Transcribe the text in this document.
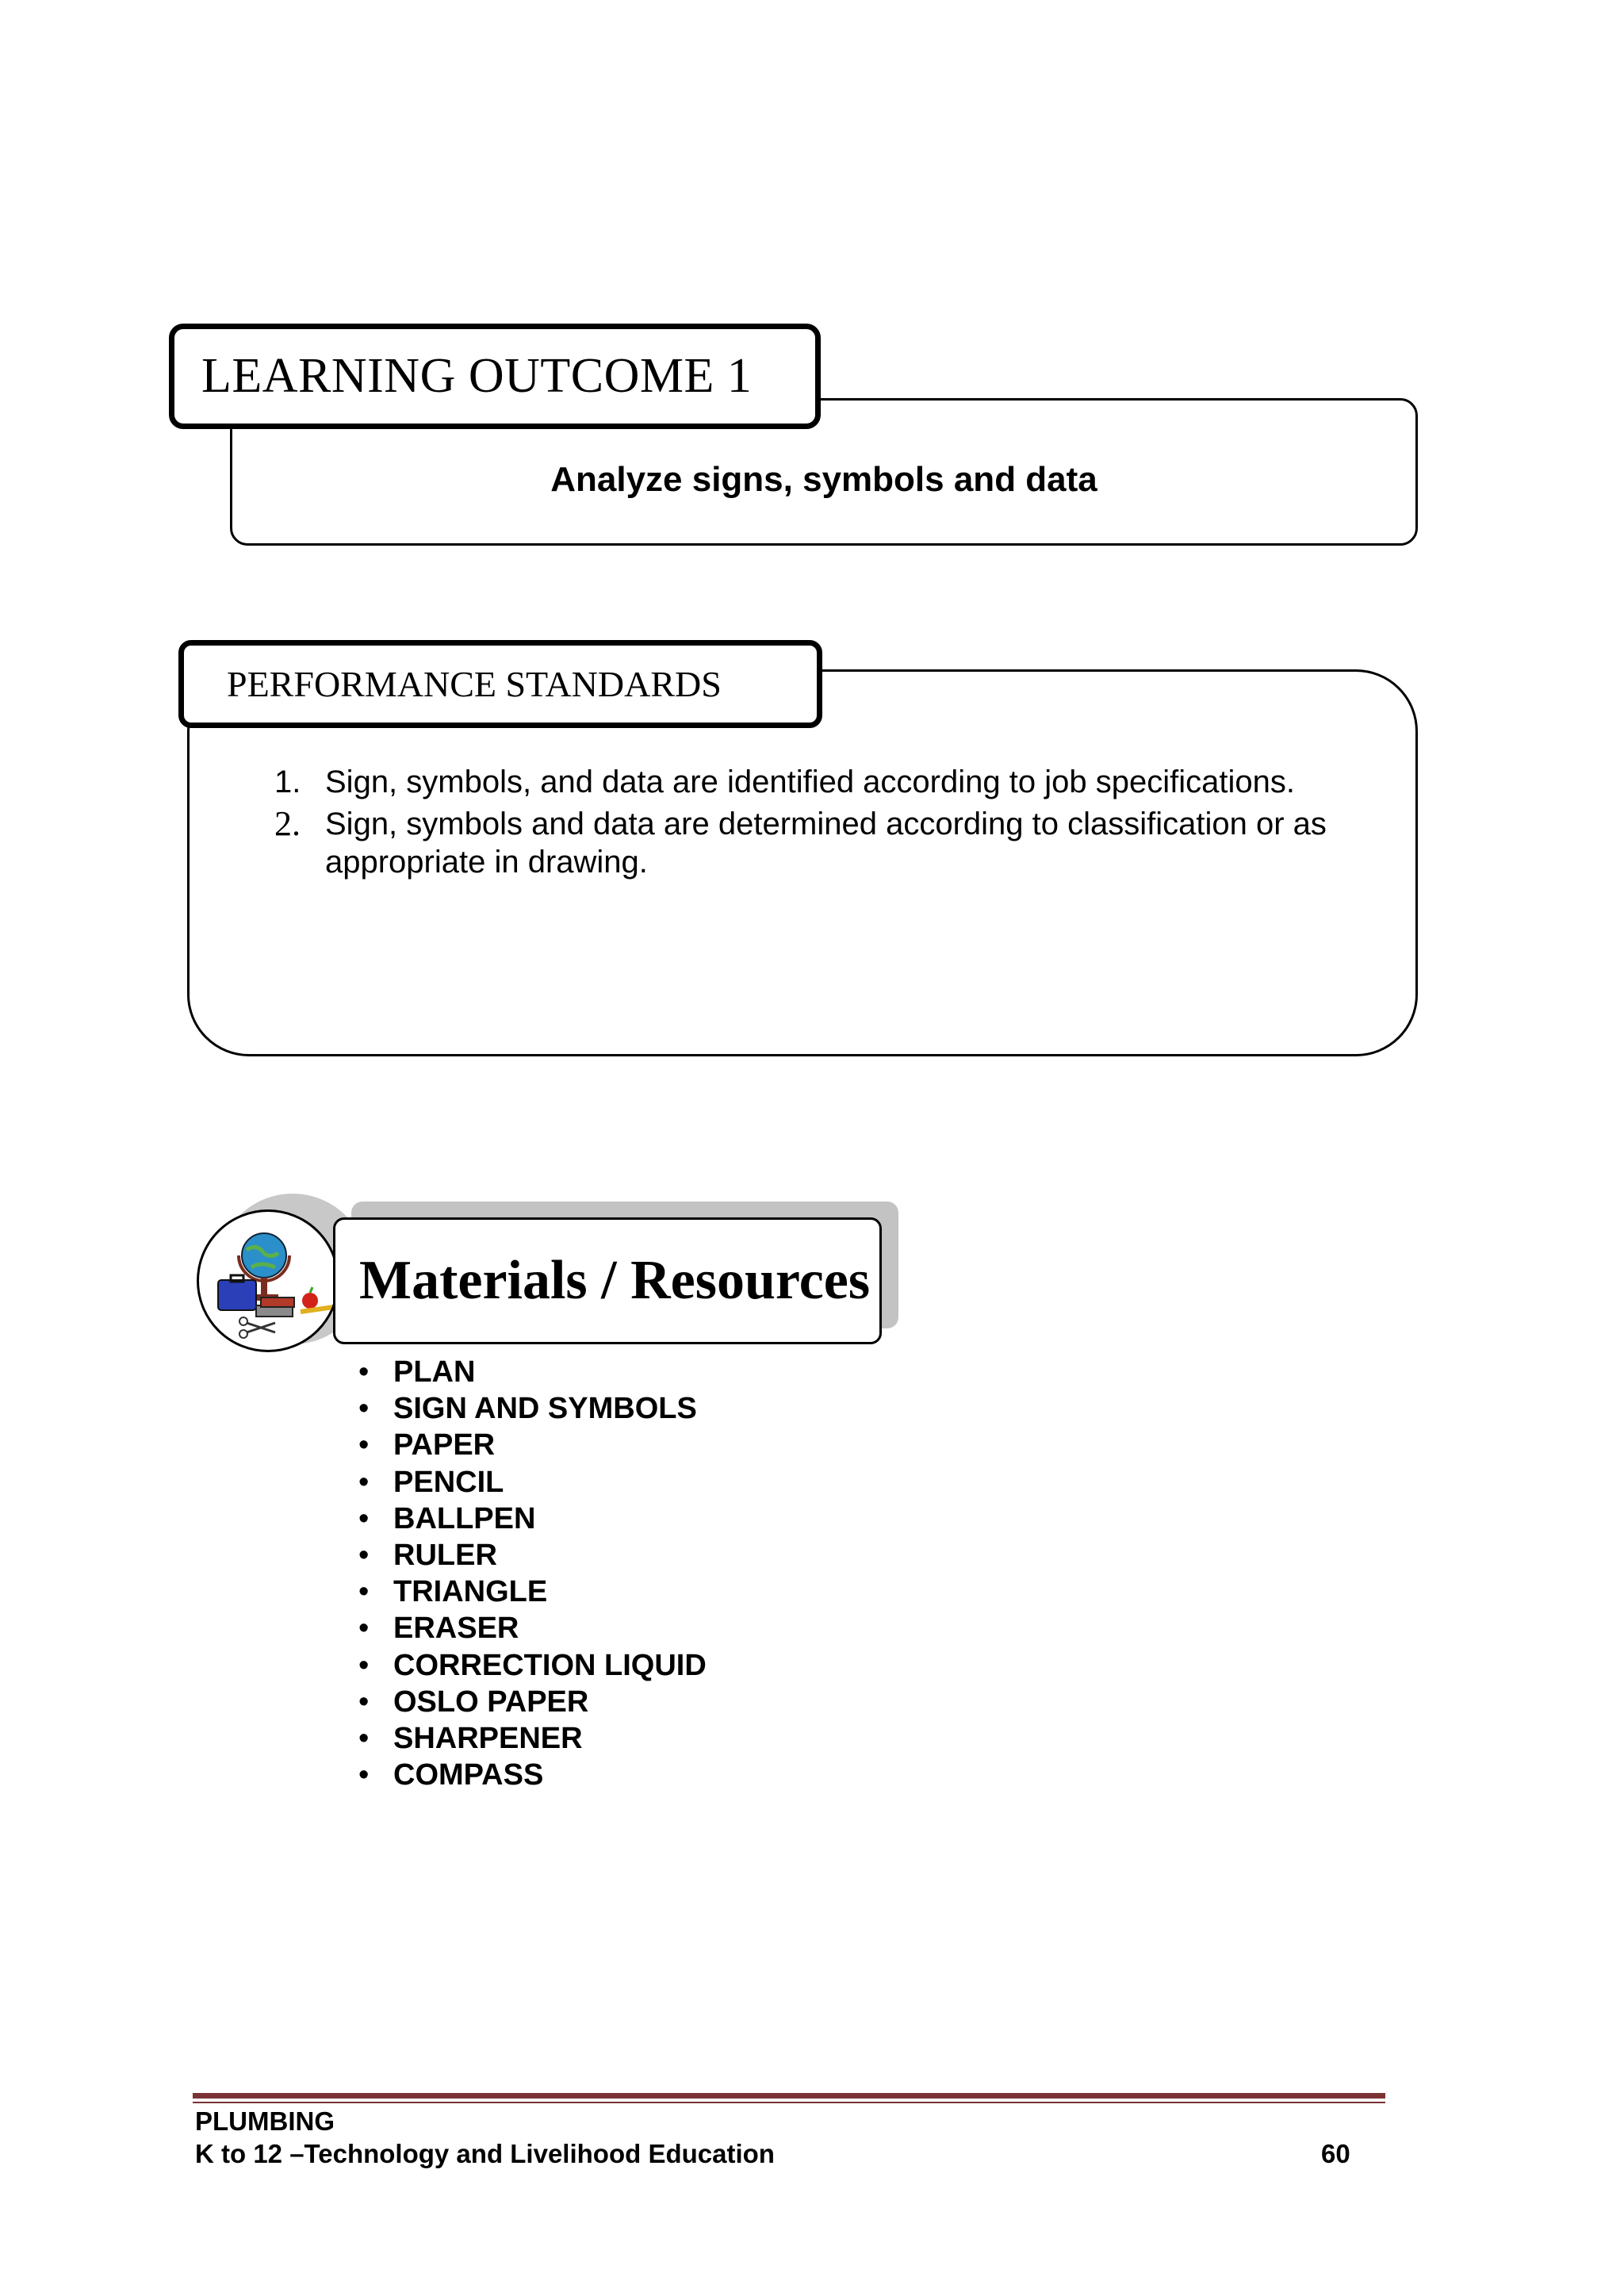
Analyze signs, symbols and data
LEARNING OUTCOME 1
PERFORMANCE STANDARDS
1. Sign, symbols, and data are identified according to job specifications.
2. Sign, symbols and data are determined according to classification or as appropriate in drawing.
Materials / Resources
• PLAN
• SIGN AND SYMBOLS
• PAPER
• PENCIL
• BALLPEN
• RULER
• TRIANGLE
• ERASER
• CORRECTION LIQUID
• OSLO PAPER
• SHARPENER
• COMPASS
PLUMBING
K to 12 –Technology and Livelihood Education	60
